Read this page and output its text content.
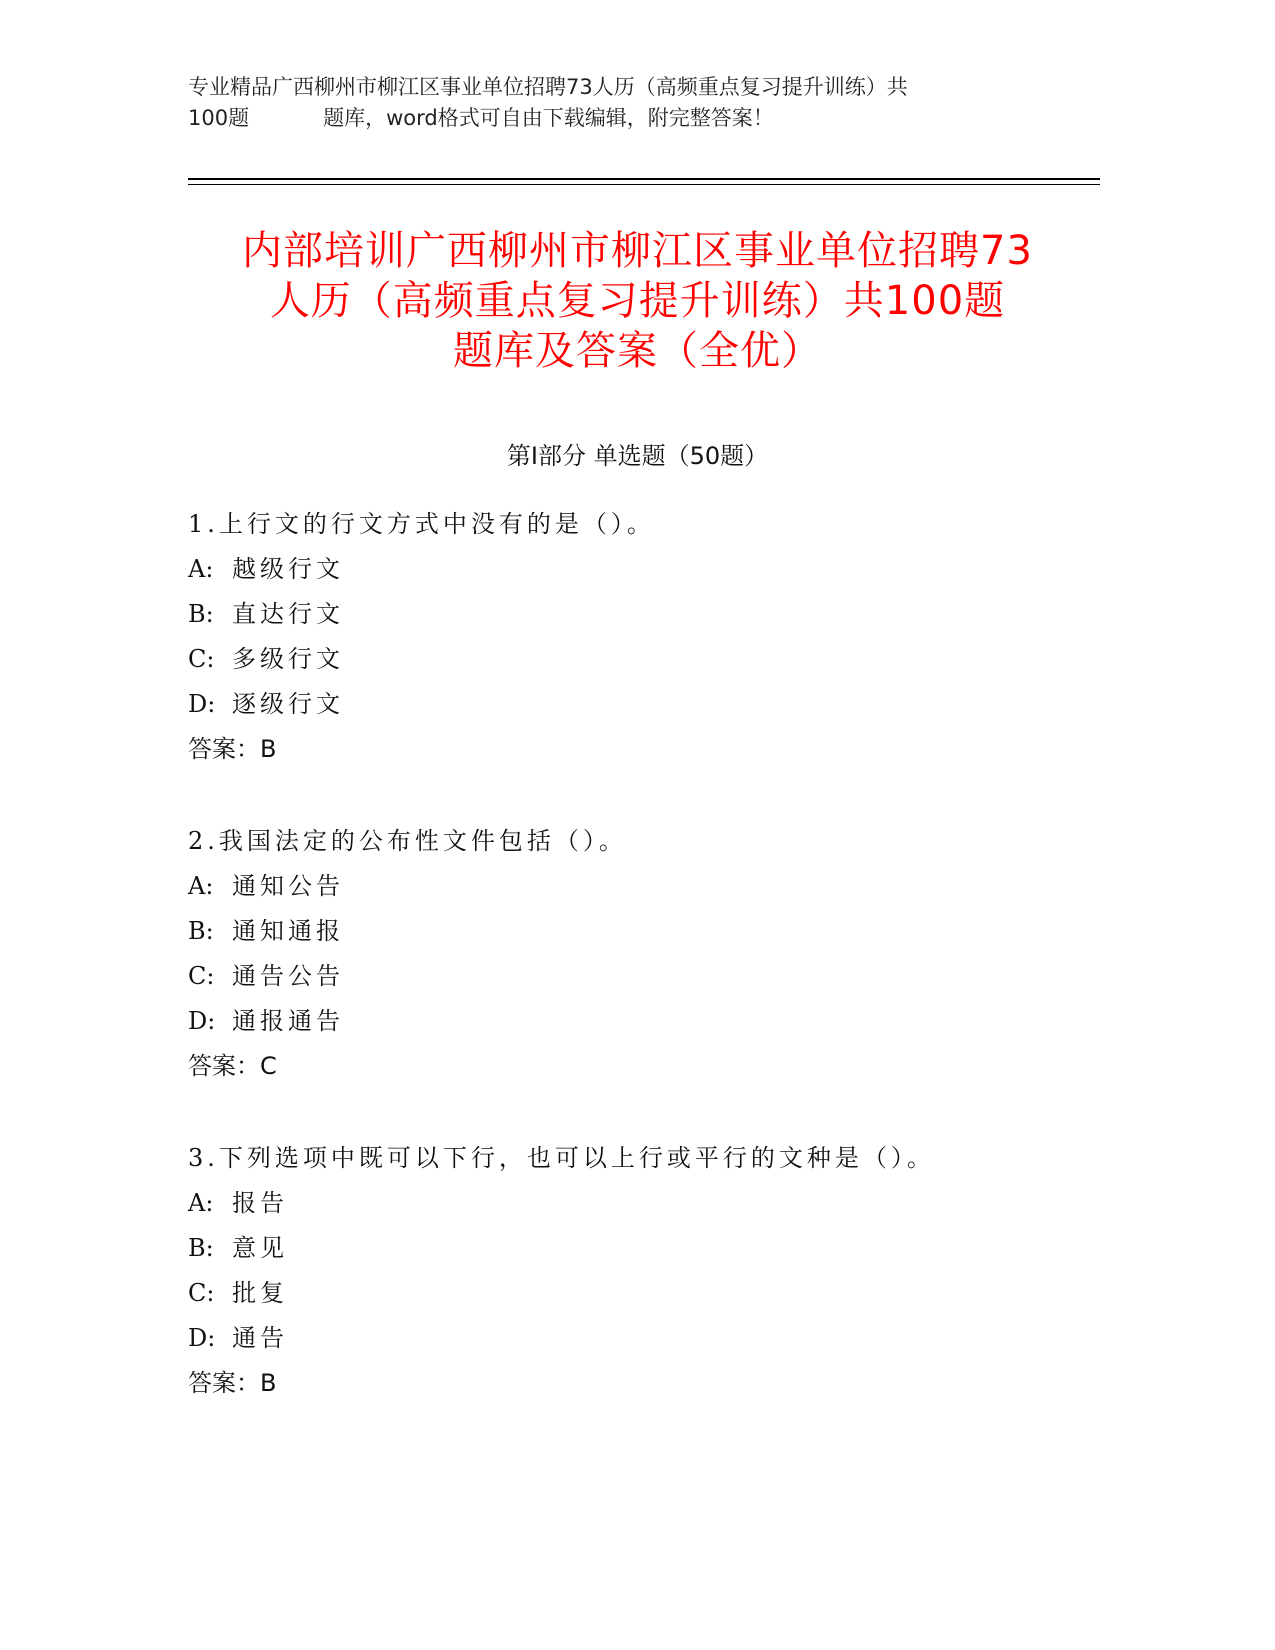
专业精品广西柳州市柳江区事业单位招聘73人历（高频重点复习提升训练）共
100题	题库，word格式可自由下载编辑，附完整答案！
内部培训广西柳州市柳江区事业单位招聘73
人历（高频重点复习提升训练）共100题
题库及答案（全优）
第Ⅰ部分 单选题（50题）
1.上行文的行文方式中没有的是（）。
A: 越级行文
B: 直达行文
C: 多级行文
D: 逐级行文
答案：B
2.我国法定的公布性文件包括（）。
A: 通知公告
B: 通知通报
C: 通告公告
D: 通报通告
答案：C
3.下列选项中既可以下行，也可以上行或平行的文种是（）。
A: 报告
B: 意见
C: 批复
D: 通告
答案：B
